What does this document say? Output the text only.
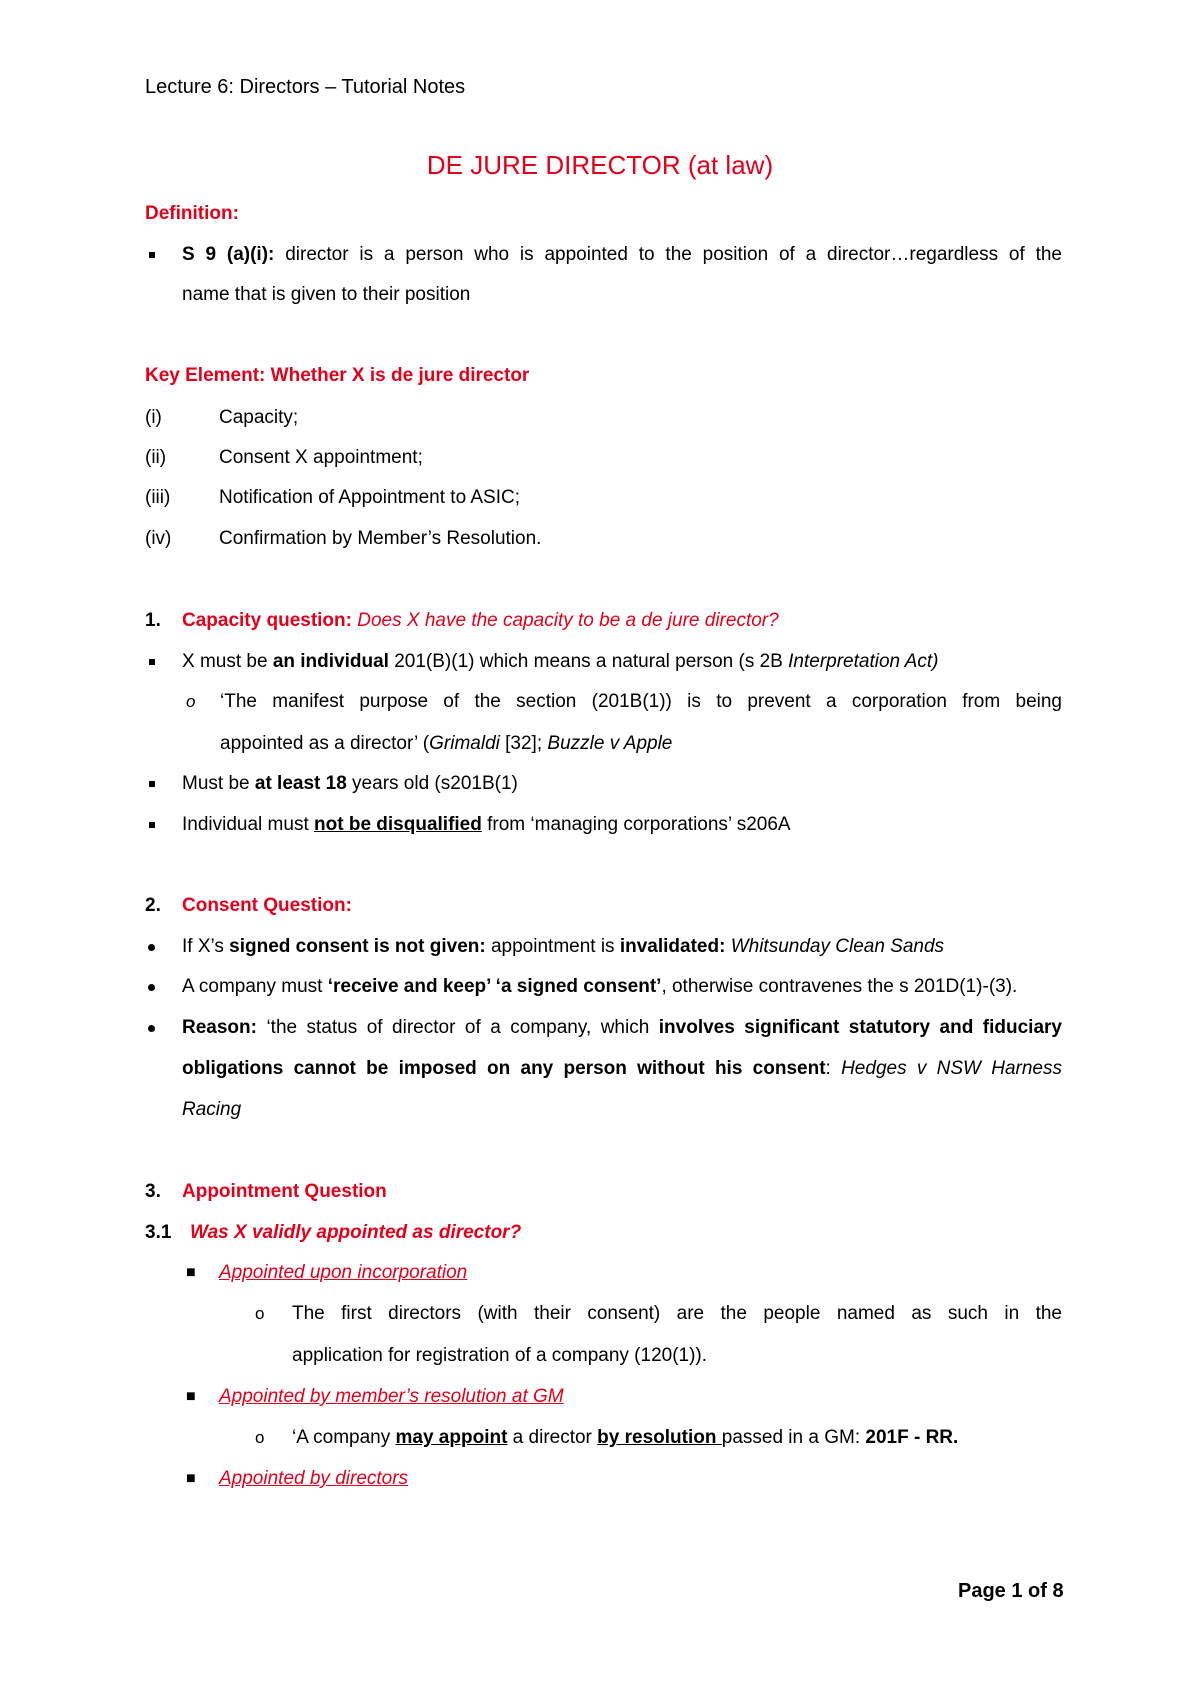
Lecture 6: Directors – Tutorial Notes
DE JURE DIRECTOR (at law)
Definition:
S 9 (a)(i): director is a person who is appointed to the position of a director…regardless of the
name that is given to their position
Key Element: Whether X is de jure director
(i)	Capacity;
(ii)	Consent X appointment;
(iii)	Notification of Appointment to ASIC;
(iv)	Confirmation by Member’s Resolution.
1. Capacity question: Does X have the capacity to be a de jure director?
X must be an individual 201(B)(1) which means a natural person (s 2B Interpretation Act)
o ‘The manifest purpose of the section (201B(1)) is to prevent a corporation from being
appointed as a director’ (Grimaldi [32]; Buzzle v Apple
Must be at least 18 years old (s201B(1)
Individual must not be disqualified from ‘managing corporations’ s206A
2. Consent Question:
If X’s signed consent is not given: appointment is invalidated: Whitsunday Clean Sands
A company must ‘receive and keep’ ‘a signed consent’, otherwise contravenes the s 201D(1)-(3).
Reason: ‘the status of director of a company, which involves significant statutory and fiduciary
obligations cannot be imposed on any person without his consent: Hedges v NSW Harness
Racing
3. Appointment Question
3.1 Was X validly appointed as director?
■ Appointed upon incorporation
o The first directors (with their consent) are the people named as such in the
application for registration of a company (120(1)).
■ Appointed by member’s resolution at GM
o ‘A company may appoint a director by resolution passed in a GM: 201F - RR.
■ Appointed by directors
Page 1 of 8
